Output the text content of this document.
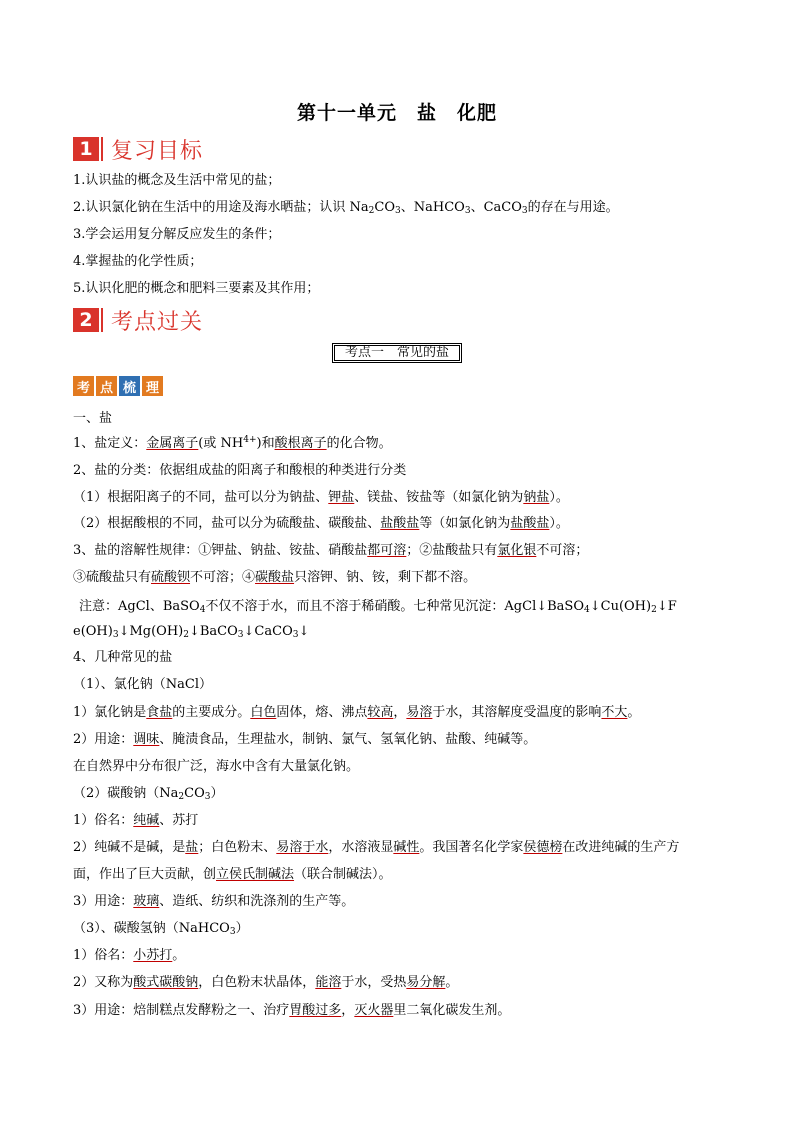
第十一单元　盐　化肥
1 复习目标
1.认识盐的概念及生活中常见的盐；
2.认识氯化钠在生活中的用途及海水晒盐；认识 $Na_2CO_3$、NaHCO$_3$、CaCO$_3$的存在与用途。
3.学会运用复分解反应发生的条件；
4.掌握盐的化学性质；
5.认识化肥的概念和肥料三要素及其作用；
2 考点过关
考点一　常见的盐
考 点 梳 理
一、盐
1、盐定义：金属离子(或 $NH^{4+}$)和酸根离子的化合物。
2、盐的分类：依据组成盐的阳离子和酸根的种类进行分类
（1）根据阳离子的不同，盐可以分为钠盐、钾盐、镁盐、铵盐等（如氯化钠为钠盐）。
（2）根据酸根的不同，盐可以分为硫酸盐、碳酸盐、盐酸盐等（如氯化钠为盐酸盐）。
3、盐的溶解性规律：①钾盐、钠盐、铵盐、硝酸盐都可溶；②盐酸盐只有氯化银不可溶；
③硫酸盐只有硫酸钡不可溶；④碳酸盐只溶钾、钠、铵，剩下都不溶。
注意：AgCl、BaSO$_4$不仅不溶于水，而且不溶于稀硝酸。七种常见沉淀：$AgCl↓BaSO_4↓Cu(OH)_2↓F$
$e(OH)_3↓Mg(OH)_2↓BaCO_3↓CaCO_3↓$
4、几种常见的盐
（1）、氯化钠（NaCl）
1）氯化钠是食盐的主要成分。白色固体，熔、沸点较高，易溶于水，其溶解度受温度的影响不大。
2）用途：调味、腌渍食品，生理盐水，制钠、氯气、氢氧化钠、盐酸、纯碱等。
在自然界中分布很广泛，海水中含有大量氯化钠。
（2）碳酸钠$(Na_2CO_3)$
1）俗名：纯碱、苏打
2）纯碱不是碱，是盐；白色粉末、易溶于水，水溶液显碱性。我国著名化学家侯德榜在改进纯碱的生产方
面，作出了巨大贡献，创立侯氏制碱法（联合制碱法）。
3）用途：玻璃、造纸、纺织和洗涤剂的生产等。
（3）、碳酸氢钠（NaHCO$_3$）
1）俗名：小苏打。
2）又称为酸式碳酸钠，白色粉末状晶体，能溶于水，受热易分解。
3）用途：焙制糕点发酵粉之一、治疗胃酸过多，灭火器里二氧化碳发生剂。
